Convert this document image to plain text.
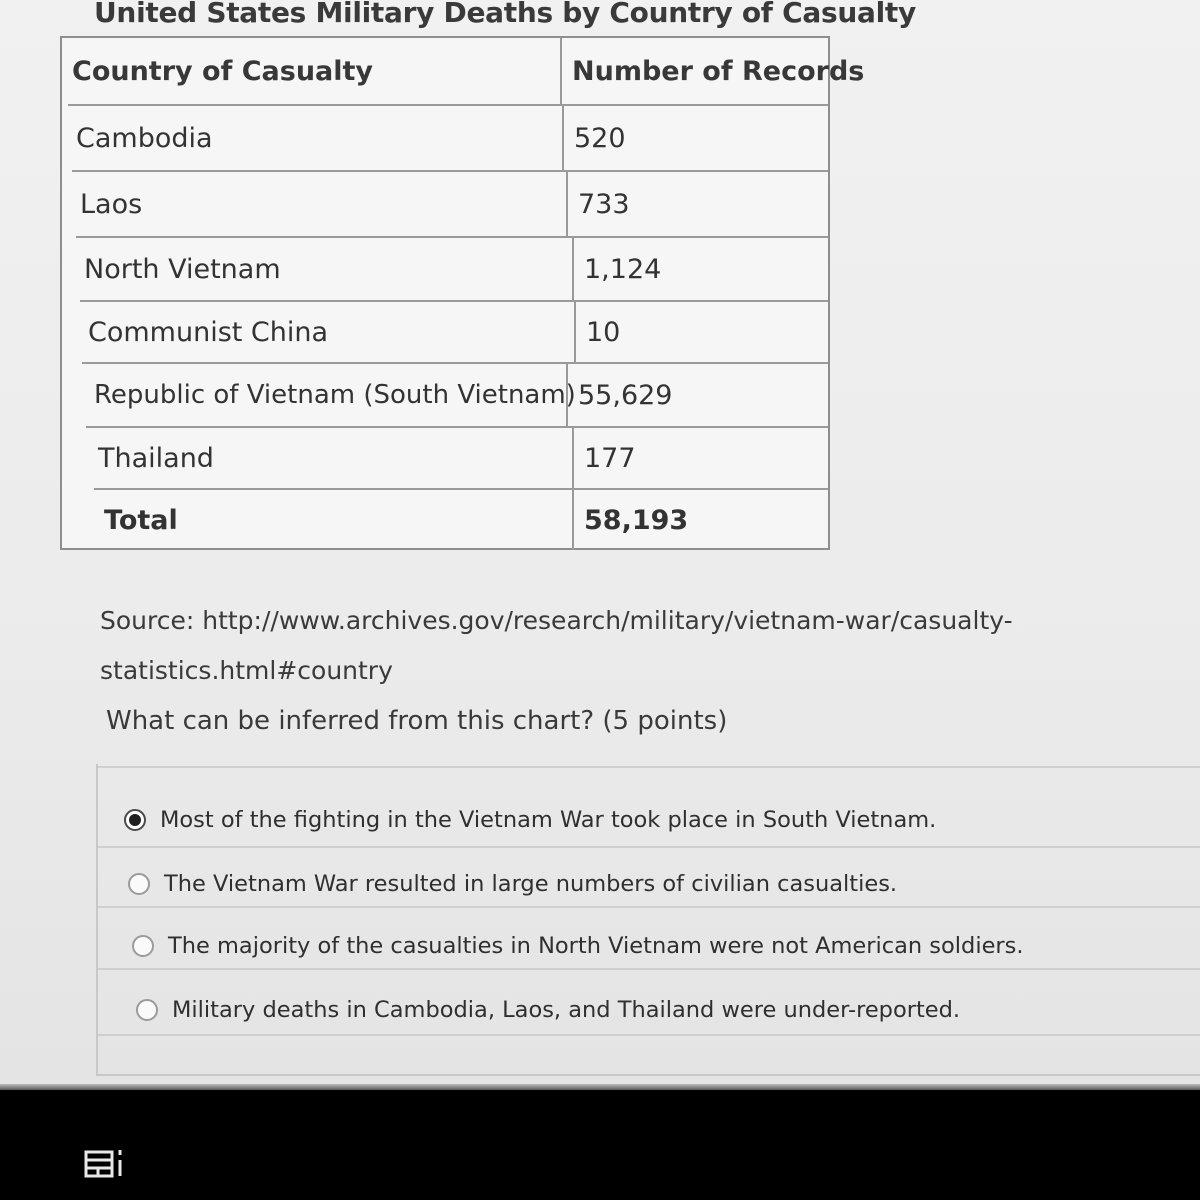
United States Military Deaths by Country of Casualty
Country of Casualty	Number of Records
Cambodia	520
Laos	733
North Vietnam	1,124
Communist China	10
Republic of Vietnam (South Vietnam) 55,629
Thailand	177
Total	58,193
Source: http://www.archives.gov/research/military/vietnam-war/casualty-statistics.html#country
What can be inferred from this chart? (5 points)
Most of the fighting in the Vietnam War took place in South Vietnam.
The Vietnam War resulted in large numbers of civilian casualties.
The majority of the casualties in North Vietnam were not American soldiers.
Military deaths in Cambodia, Laos, and Thailand were under-reported.
